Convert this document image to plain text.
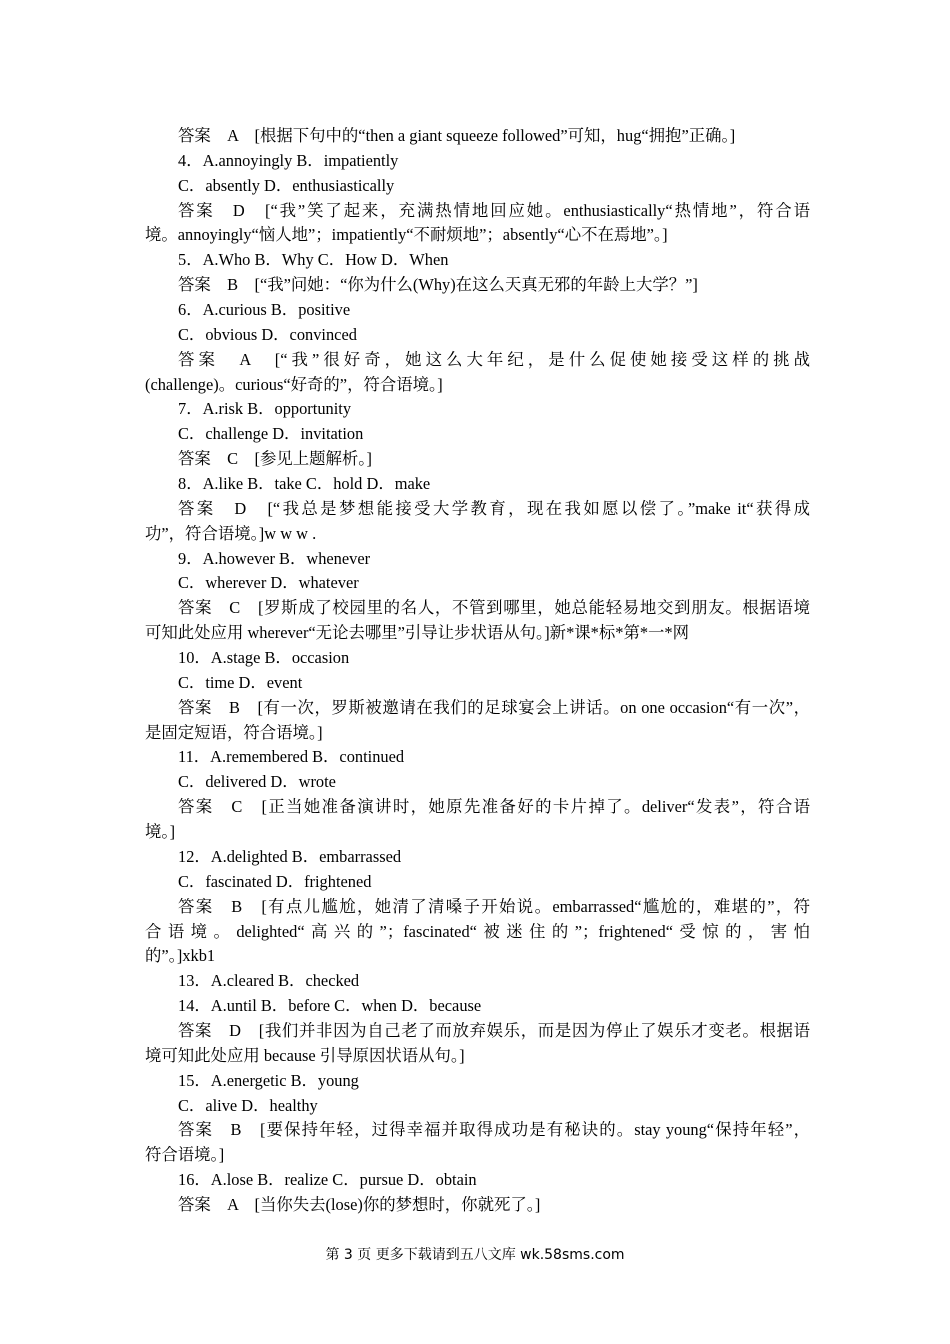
答案　A　[根据下句中的“then a giant squeeze followed”可知，hug“拥抱”正确。]
4．A.annoyingly B．impatiently
C．absently D．enthusiastically
答案　D　[“我”笑了起来，充满热情地回应她。enthusiastically“热情地”，符合语
境。annoyingly“恼人地”；impatiently“不耐烦地”；absently“心不在焉地”。]
5．A.Who B．Why C．How D．When
答案　B　[“我”问她：“你为什么(Why)在这么天真无邪的年龄上大学？”]
6．A.curious B．positive
C．obvious D．convinced
答案　A　[“我”很好奇，她这么大年纪，是什么促使她接受这样的挑战
(challenge)。curious“好奇的”，符合语境。]
7．A.risk B．opportunity
C．challenge D．invitation
答案　C　[参见上题解析。]
8．A.like B．take C．hold D．make
答案　D　[“我总是梦想能接受大学教育，现在我如愿以偿了。”make it“获得成
功”，符合语境。]w w w .
9．A.however B．whenever
C．wherever D．whatever
答案　C　[罗斯成了校园里的名人，不管到哪里，她总能轻易地交到朋友。根据语境
可知此处应用 wherever“无论去哪里”引导让步状语从句。]新*课*标*第*一*网
10．A.stage B．occasion
C．time D．event
答案　B　[有一次，罗斯被邀请在我们的足球宴会上讲话。on one occasion“有一次”，
是固定短语，符合语境。]
11．A.remembered B．continued
C．delivered D．wrote
答案　C　[正当她准备演讲时，她原先准备好的卡片掉了。deliver“发表”，符合语
境。]
12．A.delighted B．embarrassed
C．fascinated D．frightened
答案　B　[有点儿尴尬，她清了清嗓子开始说。embarrassed“尴尬的，难堪的”，符
合语境。delighted“高兴的”；fascinated“被迷住的”；frightened“受惊的，害怕
的”。]xkb1
13．A.cleared B．checked
14．A.until B．before C．when D．because
答案　D　[我们并非因为自己老了而放弃娱乐，而是因为停止了娱乐才变老。根据语
境可知此处应用 because 引导原因状语从句。]
15．A.energetic B．young
C．alive D．healthy
答案　B　[要保持年轻，过得幸福并取得成功是有秘诀的。stay young“保持年轻”，
符合语境。]
16．A.lose B．realize C．pursue D．obtain
答案　A　[当你失去(lose)你的梦想时，你就死了。]
第 3 页 更多下载请到五八文库 wk.58sms.com
